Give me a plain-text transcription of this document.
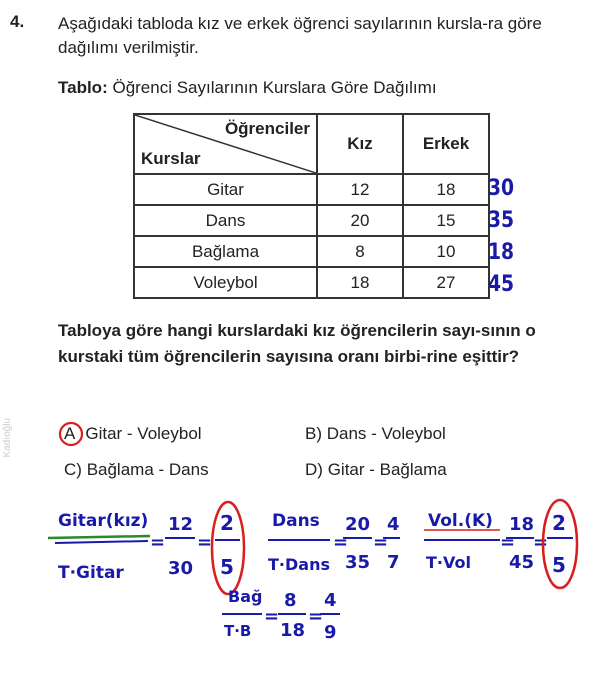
4. Aşağıdaki tabloda kız ve erkek öğrenci sayılarının kursla-ra göre dağılımı verilmiştir.
Tablo: Öğrenci Sayılarının Kurslara Göre Dağılımı
Öğrenciler
Kurslar	Kız	Erkek
Gitar	12	18
Dans	20	15
Bağlama	8	10
Voleybol	18	27
30
35
18
45
Tabloya göre hangi kurslardaki kız öğrencilerin sayı-sının o kurstaki tüm öğrencilerin sayısına oranı birbi-rine eşittir?
Kadıoğlu	A Gitar - Voleybol	B) Dans - Voleybol
C) Bağlama - Dans	D) Gitar - Bağlama
Gitar(kız)
T·Gitar
=
12
30
=
2
5
Dans
T·Dans
=
20
35
=
4
7
Vol.(K)
T·Vol
=
18
45
=
2
5
Bağ
T·B
=
8
18
=
4
9
